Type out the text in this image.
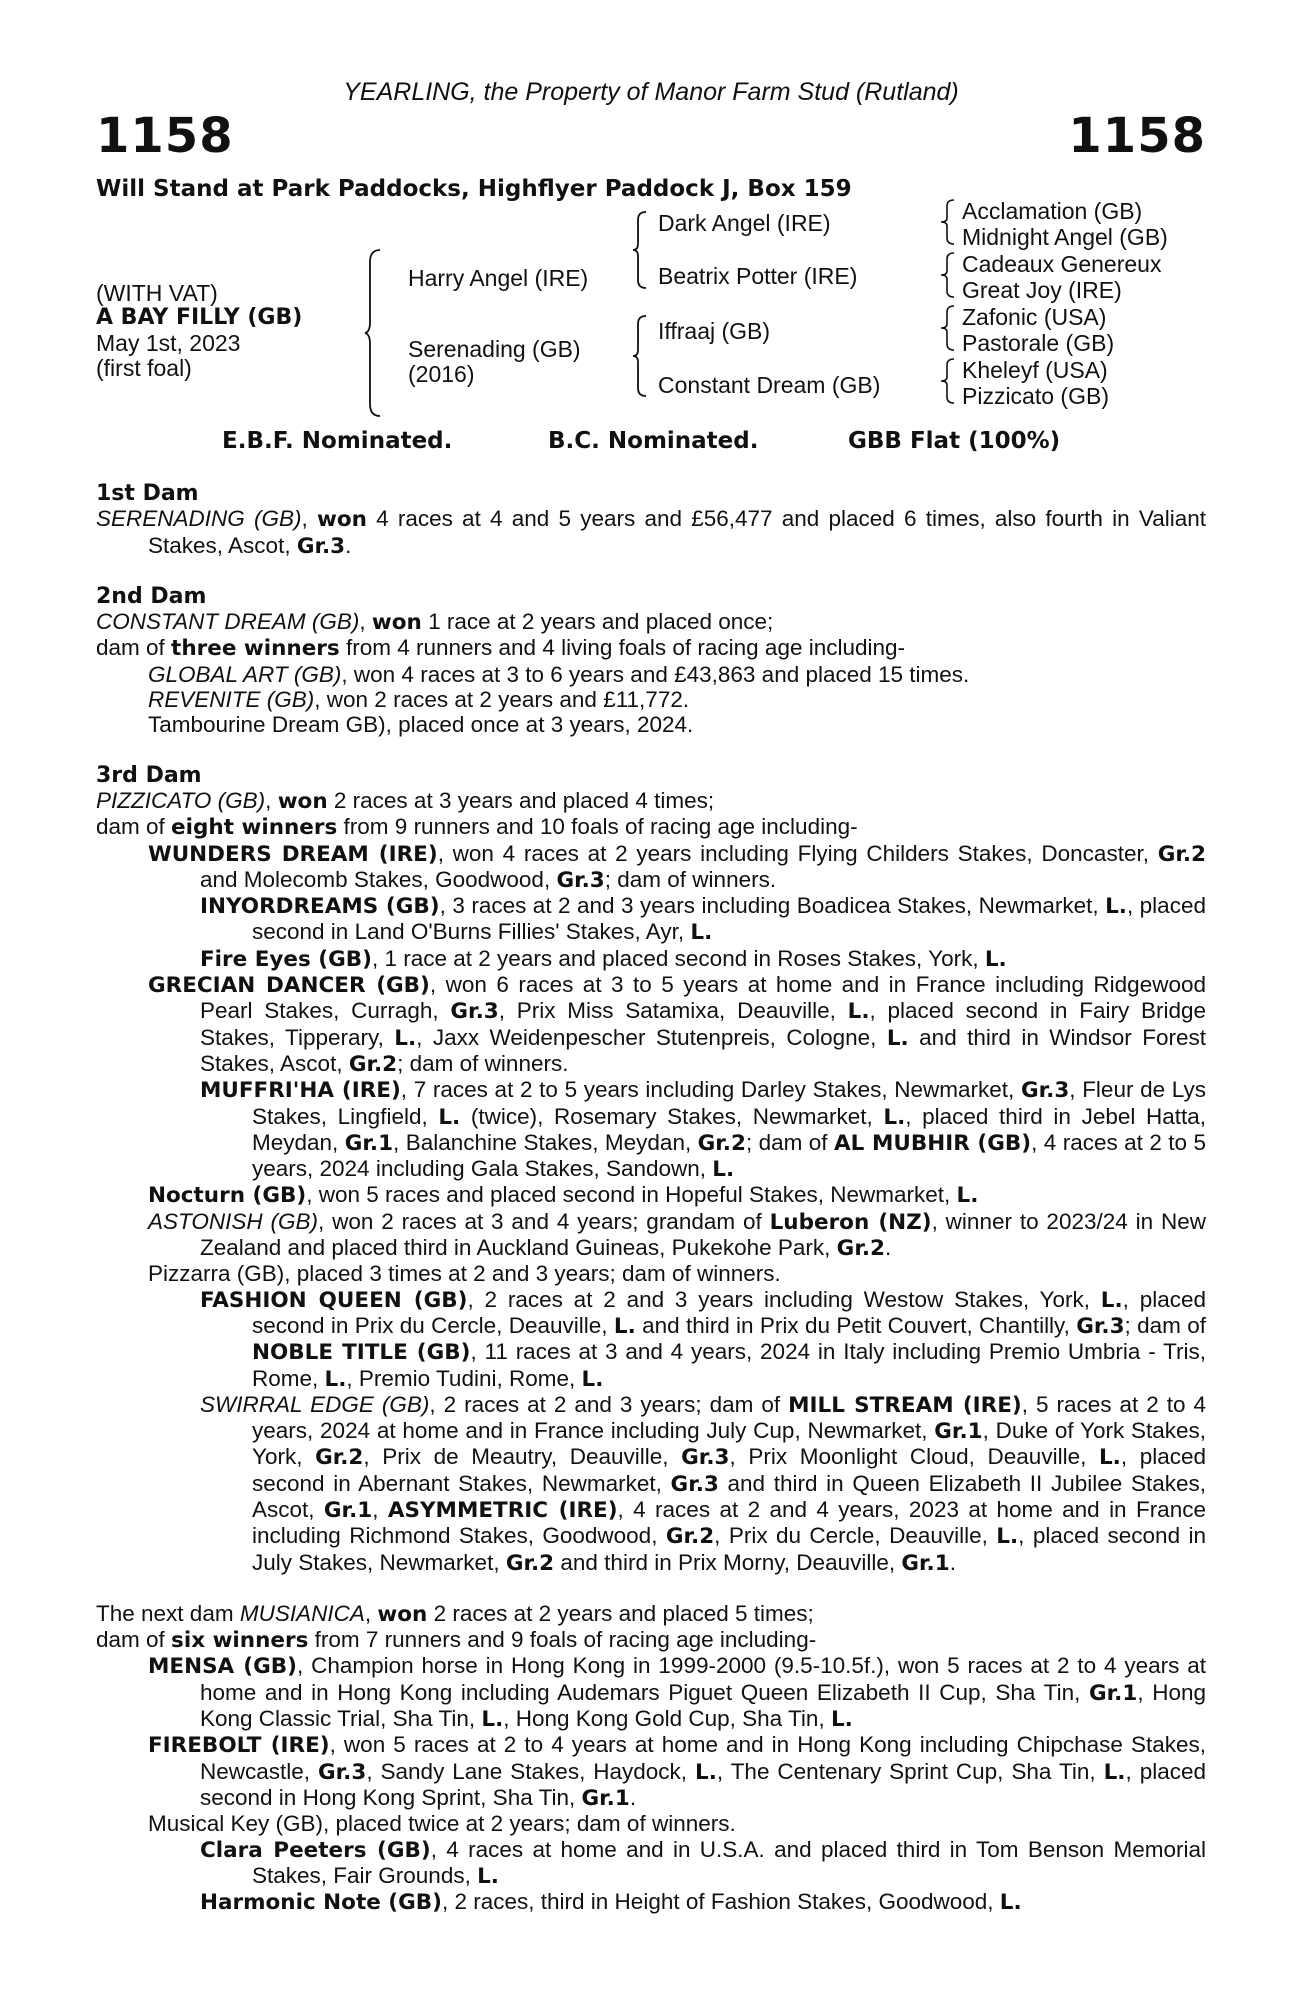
YEARLING, the Property of Manor Farm Stud (Rutland)
1158	1158
Will Stand at Park Paddocks, Highflyer Paddock J, Box 159
(WITH VAT)
A BAY FILLY (GB)
May 1st, 2023
(first foal)
Harry Angel (IRE)
Serenading (GB)
(2016)
Dark Angel (IRE)
Beatrix Potter (IRE)
Iffraaj (GB)
Constant Dream (GB)
Acclamation (GB)
Midnight Angel (GB)
Cadeaux Genereux
Great Joy (IRE)
Zafonic (USA)
Pastorale (GB)
Kheleyf (USA)
Pizzicato (GB)
E.B.F. Nominated.	B.C. Nominated.	GBB Flat (100%)

1st Dam

SERENADING (GB), won 4 races at 4 and 5 years and £56,477 and placed 6 times, also fourth in Valiant Stakes, Ascot, Gr.3.

2nd Dam

CONSTANT DREAM (GB), won 1 race at 2 years and placed once;

dam of three winners from 4 runners and 4 living foals of racing age including-

GLOBAL ART (GB), won 4 races at 3 to 6 years and £43,863 and placed 15 times.

REVENITE (GB), won 2 races at 2 years and £11,772.

Tambourine Dream GB), placed once at 3 years, 2024.

3rd Dam

PIZZICATO (GB), won 2 races at 3 years and placed 4 times;

dam of eight winners from 9 runners and 10 foals of racing age including-

WUNDERS DREAM (IRE), won 4 races at 2 years including Flying Childers Stakes, Doncaster, Gr.2 and Molecomb Stakes, Goodwood, Gr.3; dam of winners.

INYORDREAMS (GB), 3 races at 2 and 3 years including Boadicea Stakes, Newmarket, L., placed second in Land O'Burns Fillies' Stakes, Ayr, L.

Fire Eyes (GB), 1 race at 2 years and placed second in Roses Stakes, York, L.

GRECIAN DANCER (GB), won 6 races at 3 to 5 years at home and in France including Ridgewood Pearl Stakes, Curragh, Gr.3, Prix Miss Satamixa, Deauville, L., placed second in Fairy Bridge Stakes, Tipperary, L., Jaxx Weidenpescher Stutenpreis, Cologne, L. and third in Windsor Forest Stakes, Ascot, Gr.2; dam of winners.

MUFFRI'HA (IRE), 7 races at 2 to 5 years including Darley Stakes, Newmarket, Gr.3, Fleur de Lys Stakes, Lingfield, L. (twice), Rosemary Stakes, Newmarket, L., placed third in Jebel Hatta, Meydan, Gr.1, Balanchine Stakes, Meydan, Gr.2; dam of AL MUBHIR (GB), 4 races at 2 to 5 years, 2024 including Gala Stakes, Sandown, L.

Nocturn (GB), won 5 races and placed second in Hopeful Stakes, Newmarket, L.

ASTONISH (GB), won 2 races at 3 and 4 years; grandam of Luberon (NZ), winner to 2023/24 in New Zealand and placed third in Auckland Guineas, Pukekohe Park, Gr.2.

Pizzarra (GB), placed 3 times at 2 and 3 years; dam of winners.

FASHION QUEEN (GB), 2 races at 2 and 3 years including Westow Stakes, York, L., placed second in Prix du Cercle, Deauville, L. and third in Prix du Petit Couvert, Chantilly, Gr.3; dam of NOBLE TITLE (GB), 11 races at 3 and 4 years, 2024 in Italy including Premio Umbria - Tris, Rome, L., Premio Tudini, Rome, L.

SWIRRAL EDGE (GB), 2 races at 2 and 3 years; dam of MILL STREAM (IRE), 5 races at 2 to 4 years, 2024 at home and in France including July Cup, Newmarket, Gr.1, Duke of York Stakes, York, Gr.2, Prix de Meautry, Deauville, Gr.3, Prix Moonlight Cloud, Deauville, L., placed second in Abernant Stakes, Newmarket, Gr.3 and third in Queen Elizabeth II Jubilee Stakes, Ascot, Gr.1, ASYMMETRIC (IRE), 4 races at 2 and 4 years, 2023 at home and in France including Richmond Stakes, Goodwood, Gr.2, Prix du Cercle, Deauville, L., placed second in July Stakes, Newmarket, Gr.2 and third in Prix Morny, Deauville, Gr.1.

The next dam MUSIANICA, won 2 races at 2 years and placed 5 times;

dam of six winners from 7 runners and 9 foals of racing age including-

MENSA (GB), Champion horse in Hong Kong in 1999-2000 (9.5-10.5f.), won 5 races at 2 to 4 years at home and in Hong Kong including Audemars Piguet Queen Elizabeth II Cup, Sha Tin, Gr.1, Hong Kong Classic Trial, Sha Tin, L., Hong Kong Gold Cup, Sha Tin, L.

FIREBOLT (IRE), won 5 races at 2 to 4 years at home and in Hong Kong including Chipchase Stakes, Newcastle, Gr.3, Sandy Lane Stakes, Haydock, L., The Centenary Sprint Cup, Sha Tin, L., placed second in Hong Kong Sprint, Sha Tin, Gr.1.

Musical Key (GB), placed twice at 2 years; dam of winners.

Clara Peeters (GB), 4 races at home and in U.S.A. and placed third in Tom Benson Memorial Stakes, Fair Grounds, L.

Harmonic Note (GB), 2 races, third in Height of Fashion Stakes, Goodwood, L.
